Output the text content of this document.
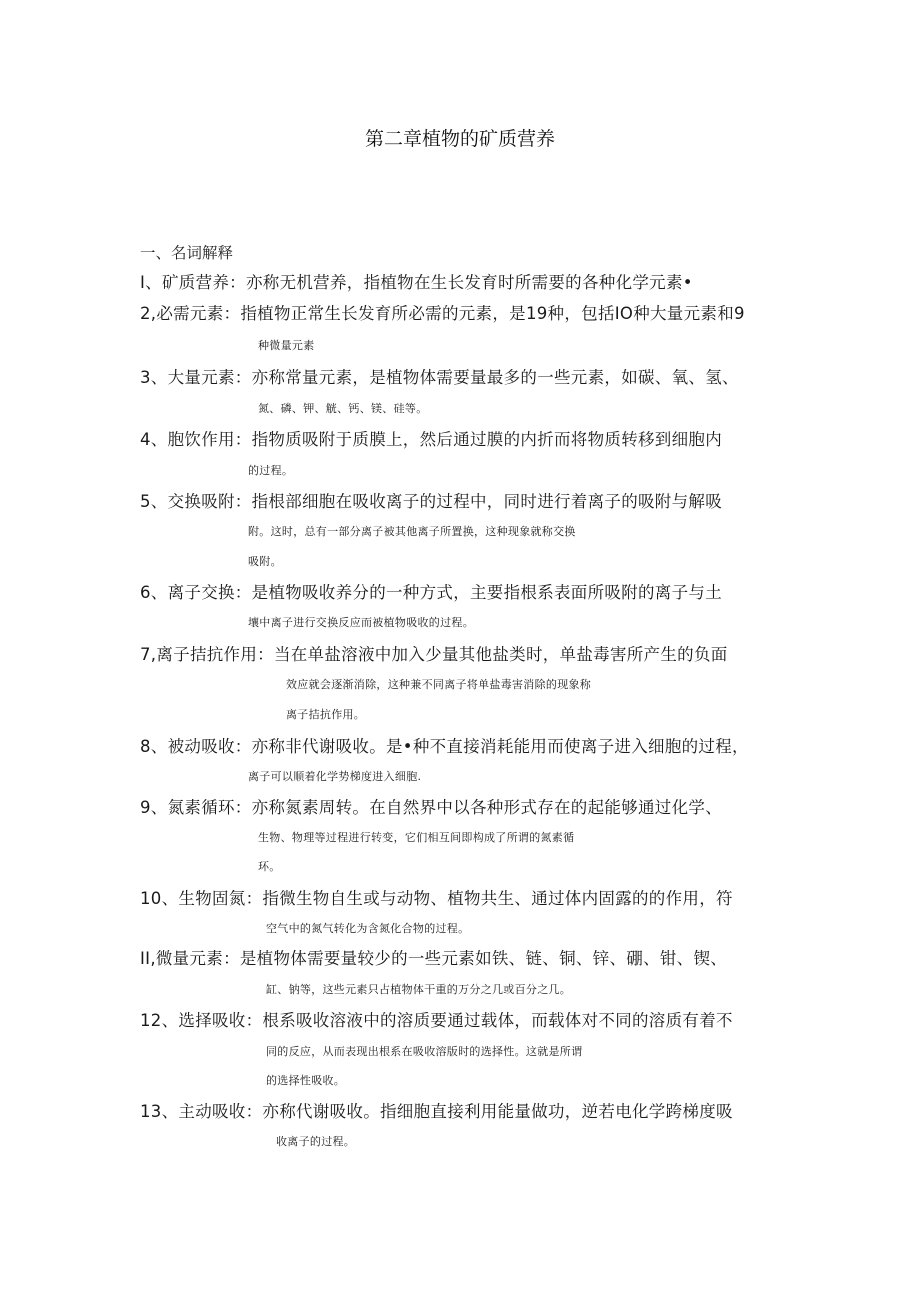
第二章植物的矿质营养
一、名词解释
I、矿质营养：亦称无机营养，指植物在生长发育时所需要的各种化学元素•
2,必需元素：指植物正常生长发育所必需的元素，是19种，包括IO种大量元素和9
种微量元素
3、大量元素：亦称常量元素，是植物体需要量最多的一些元素，如碳、氧、氢、
氮、磷、钾、觥、钙、镁、硅等。
4、胞饮作用：指物质吸附于质膜上，然后通过膜的内折而将物质转移到细胞内
的过程。
5、交换吸附：指根部细胞在吸收离子的过程中，同时进行着离子的吸附与解吸
附。这时，总有一部分离子被其他离子所置换，这种现象就称交换
吸附。
6、离子交换：是植物吸收养分的一种方式，主要指根系表面所吸附的离子与土
壤中离子进行交换反应而被植物吸收的过程。
7,离子拮抗作用：当在单盐溶液中加入少量其他盐类时，单盐毒害所产生的负面
效应就会逐渐消除，这种兼不同离子将单盐毒害消除的现象称
离子拮抗作用。
8、被动吸收：亦称非代谢吸收。是•种不直接消耗能用而使离子进入细胞的过程，
离子可以顺着化学势梯度进入细胞.
9、氮素循环：亦称氮素周转。在自然界中以各种形式存在的起能够通过化学、
生物、物理等过程进行转变，它们相互间即构成了所谓的氮素循
环。
10、生物固氮：指微生物自生或与动物、植物共生、通过体内固露的的作用，符
空气中的氮气转化为含氮化合物的过程。
II,微量元素：是植物体需要量较少的一些元素如铁、链、铜、锌、硼、钳、锲、
缸、钠等，这些元素只占植物体干重的万分之几或百分之几。
12、选择吸收：根系吸收溶液中的溶质要通过载体，而载体对不同的溶质有着不
同的反应，从而表现出根系在吸收溶版时的选择性。这就是所谓
的选择性吸收。
13、主动吸收：亦称代谢吸收。指细胞直接利用能量做功，逆若电化学跨梯度吸
收离子的过程。
